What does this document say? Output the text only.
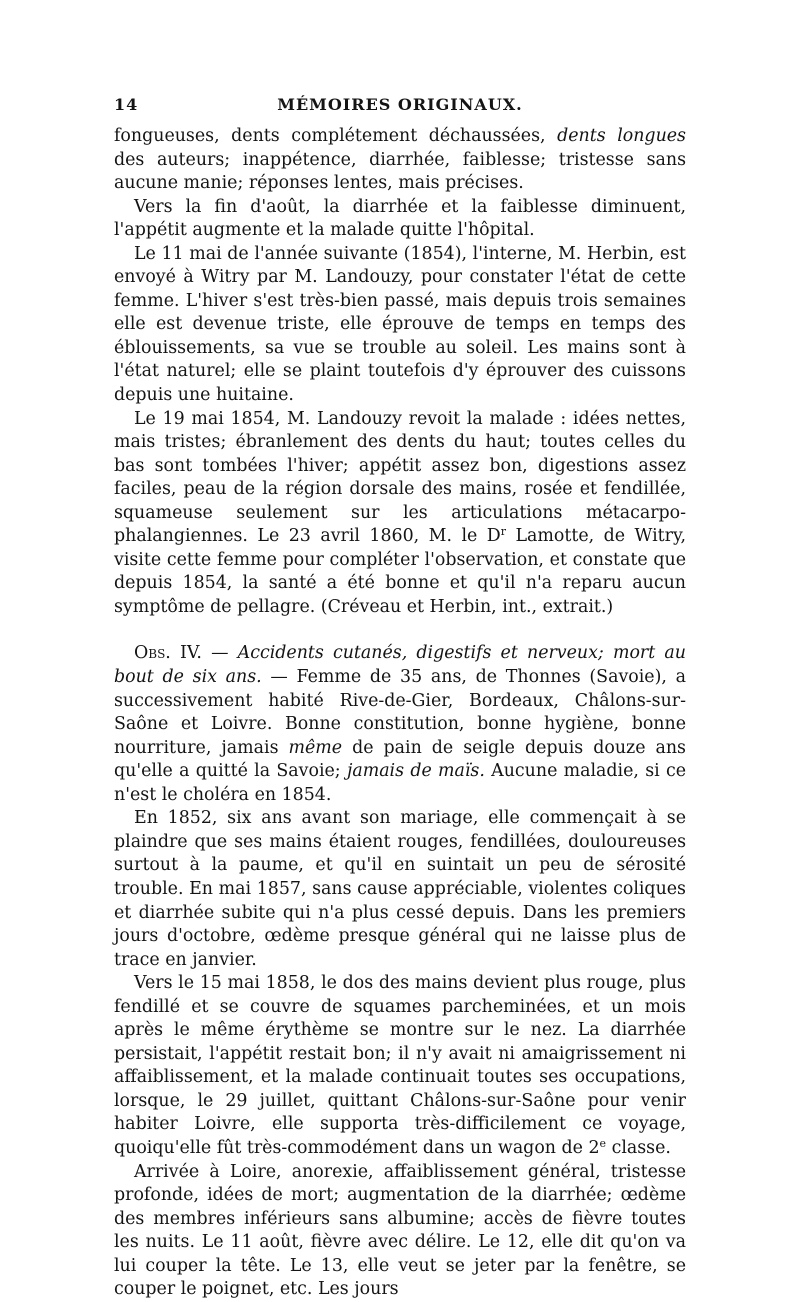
14	MÉMOIRES ORIGINAUX.

fongueuses, dents complétement déchaussées, dents longues des auteurs; inappétence, diarrhée, faiblesse; tristesse sans aucune manie; réponses lentes, mais précises.

Vers la fin d'août, la diarrhée et la faiblesse diminuent, l'appétit augmente et la malade quitte l'hôpital.

Le 11 mai de l'année suivante (1854), l'interne, M. Herbin, est envoyé à Witry par M. Landouzy, pour constater l'état de cette femme. L'hiver s'est très-bien passé, mais depuis trois semaines elle est devenue triste, elle éprouve de temps en temps des éblouissements, sa vue se trouble au soleil. Les mains sont à l'état naturel; elle se plaint toutefois d'y éprouver des cuissons depuis une huitaine.

Le 19 mai 1854, M. Landouzy revoit la malade : idées nettes, mais tristes; ébranlement des dents du haut; toutes celles du bas sont tombées l'hiver; appétit assez bon, digestions assez faciles, peau de la région dorsale des mains, rosée et fendillée, squameuse seulement sur les articulations métacarpo-phalangiennes. Le 23 avril 1860, M. le $D^r$ Lamotte, de Witry, visite cette femme pour compléter l'observation, et constate que depuis 1854, la santé a été bonne et qu'il n'a reparu aucun symptôme de pellagre. (Créveau et Herbin, int., extrait.)

Obs. IV. — Accidents cutanés, digestifs et nerveux; mort au bout de six ans. — Femme de 35 ans, de Thonnes (Savoie), a successivement habité Rive-de-Gier, Bordeaux, Châlons-sur-Saône et Loivre. Bonne constitution, bonne hygiène, bonne nourriture, jamais même de pain de seigle depuis douze ans qu'elle a quitté la Savoie; jamais de maïs. Aucune maladie, si ce n'est le choléra en 1854.

En 1852, six ans avant son mariage, elle commençait à se plaindre que ses mains étaient rouges, fendillées, douloureuses surtout à la paume, et qu'il en suintait un peu de sérosité trouble. En mai 1857, sans cause appréciable, violentes coliques et diarrhée subite qui n'a plus cessé depuis. Dans les premiers jours d'octobre, œdème presque général qui ne laisse plus de trace en janvier.

Vers le 15 mai 1858, le dos des mains devient plus rouge, plus fendillé et se couvre de squames parcheminées, et un mois après le même érythème se montre sur le nez. La diarrhée persistait, l'appétit restait bon; il n'y avait ni amaigrissement ni affaiblissement, et la malade continuait toutes ses occupations, lorsque, le 29 juillet, quittant Châlons-sur-Saône pour venir habiter Loivre, elle supporta très-difficilement ce voyage, quoiqu'elle fût très-commodément dans un wagon de 2e classe.

Arrivée à Loire, anorexie, affaiblissement général, tristesse profonde, idées de mort; augmentation de la diarrhée; œdème des membres inférieurs sans albumine; accès de fièvre toutes les nuits. Le 11 août, fièvre avec délire. Le 12, elle dit qu'on va lui couper la tête. Le 13, elle veut se jeter par la fenêtre, se couper le poignet, etc. Les jours
